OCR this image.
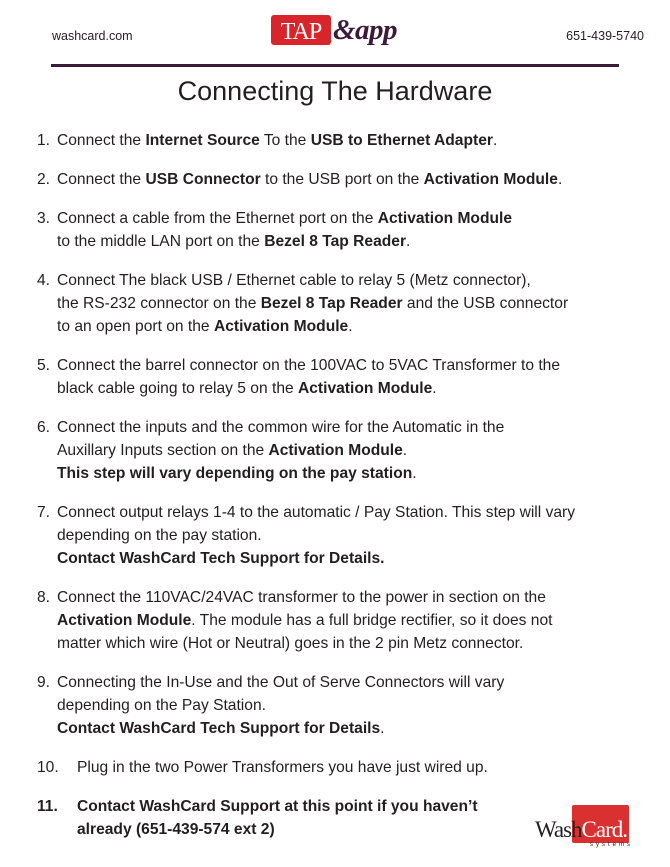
washcard.com	TAP &app	651-439-5740
Connecting The Hardware
1. Connect the Internet Source To the USB to Ethernet Adapter.
2. Connect the USB Connector to the USB port on the Activation Module.
3. Connect a cable from the Ethernet port on the Activation Module
to the middle LAN port on the Bezel 8 Tap Reader.
4. Connect The black USB / Ethernet cable to relay 5 (Metz connector),
the RS-232 connector on the Bezel 8 Tap Reader and the USB connector
to an open port on the Activation Module.
5. Connect the barrel connector on the 100VAC to 5VAC Transformer to the
black cable going to relay 5 on the Activation Module.
6. Connect the inputs and the common wire for the Automatic in the
Auxillary Inputs section on the Activation Module.
This step will vary depending on the pay station.
7. Connect output relays 1-4 to the automatic / Pay Station. This step will vary
depending on the pay station.
Contact WashCard Tech Support for Details.
8. Connect the 110VAC/24VAC transformer to the power in section on the
Activation Module. The module has a full bridge rectifier, so it does not
matter which wire (Hot or Neutral) goes in the 2 pin Metz connector.
9. Connecting the In-Use and the Out of Serve Connectors will vary
depending on the Pay Station.
Contact WashCard Tech Support for Details.
10. Plug in the two Power Transformers you have just wired up.
11. Contact WashCard Support at this point if you haven’t
already (651-439-574 ext 2)	WashCard.
systems
